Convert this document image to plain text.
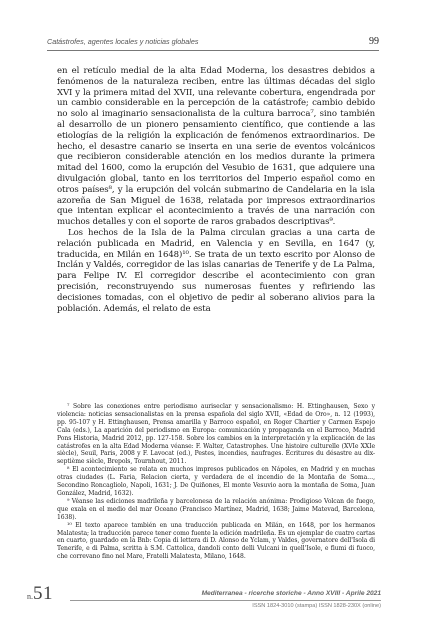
Catástrofes, agentes locales y noticias globales	99

en el retículo medial de la alta Edad Moderna, los desastres debidos a fenómenos de la naturaleza reciben, entre las últimas décadas del siglo XVI y la primera mitad del XVII, una relevante cobertura, engendrada por un cambio considerable en la percepción de la catástrofe; cambio debido no solo al imaginario sensacionalista de la cultura barroca⁷, sino también al desarrollo de un pionero pensamiento científico, que contiende a las etiologías de la religión la explicación de fenómenos extraordinarios. De hecho, el desastre canario se inserta en una serie de eventos volcánicos que recibieron considerable atención en los medios durante la primera mitad del 1600, como la erupción del Vesubio de 1631, que adquiere una divulgación global, tanto en los territorios del Imperio español como en otros países⁸, y la erupción del volcán submarino de Candelaria en la isla azoreña de San Miguel de 1638, relatada por impresos extraordinarios que intentan explicar el acontecimiento a través de una narración con muchos detalles y con el soporte de raros grabados descriptivas⁹.

Los hechos de la Isla de la Palma circulan gracias a una carta de relación publicada en Madrid, en Valencia y en Sevilla, en 1647 (y, traducida, en Milán en 1648)¹⁰. Se trata de un texto escrito por Alonso de Inclán y Valdés, corregidor de las islas canarias de Tenerife y de La Palma, para Felipe IV. El corregidor describe el acontecimiento con gran precisión, reconstruyendo sus numerosas fuentes y refiriendo las decisiones tomadas, con el objetivo de pedir al soberano alivios para la población. Además, el relato de esta

⁷ Sobre las conexiones entre periodismo auriseclar y sensacionalismo: H. Ettinghausen, Sexo y violencia: noticias sensacionalistas en la prensa española del siglo XVII, «Edad de Oro», n. 12 (1993), pp. 95-107 y H. Ettinghausen, Prensa amarilla y Barroco español, en Roger Chartier y Carmen Espejo Cala (eds.), La aparición del periodismo en Europa: comunicación y propaganda en el Barroco, Madrid Pons Historia, Madrid 2012, pp. 127-158. Sobre los cambios en la interpretación y la explicación de las catástrofes en la alta Edad Moderna véanse: F. Walter, Catastrophes. Une histoire culturelle (XVIe XXIe siècle), Seuil, Paris, 2008 y F. Lavocat (ed.), Pestes, incendies, naufrages. Écritures du désastre au dix-septième siècle, Brepols, Tournhout, 2011.

⁸ El acontecimiento se relata en muchos impresos publicados en Nápoles, en Madrid y en muchas otras ciudades (L. Faria, Relacion cierta, y verdadera de el incendio de la Montaña de Soma…, Secondino Roncagliolo, Napoli, 1631; J. De Quiñones, El monte Vesuvio aora la montaña de Soma, Juan González, Madrid, 1632).

⁹ Véanse las ediciones madrileña y barcelonesa de la relación anónima: Prodigioso Volcan de fuego, que exala en el medio del mar Oceano (Francisco Martínez, Madrid, 1638; Jaime Matevad, Barcelona, 1638).

¹⁰ El texto aparece también en una traducción publicada en Milán, en 1648, por los hermanos Malatesta; la traducción parece tener como fuente la edición madrileña. Es un ejemplar de cuatro cartas en cuarto, guardado en la Bnb: Copia di lettera di D. Alonso de Yclam, y Valdes, governatore dell'Isola di Tenerife, e di Palma, scritta à S.M. Cattolica, dandoli conto delli Vulcani in quell'Isole, e fiumi di fuoco, che correvano fino nel Mare, Fratelli Malatesta, Milano, 1648.

n. 51	Mediterranea - ricerche storiche - Anno XVIII - Aprile 2021
ISSN 1824-3010 (stampa) ISSN 1828-230X (online)
